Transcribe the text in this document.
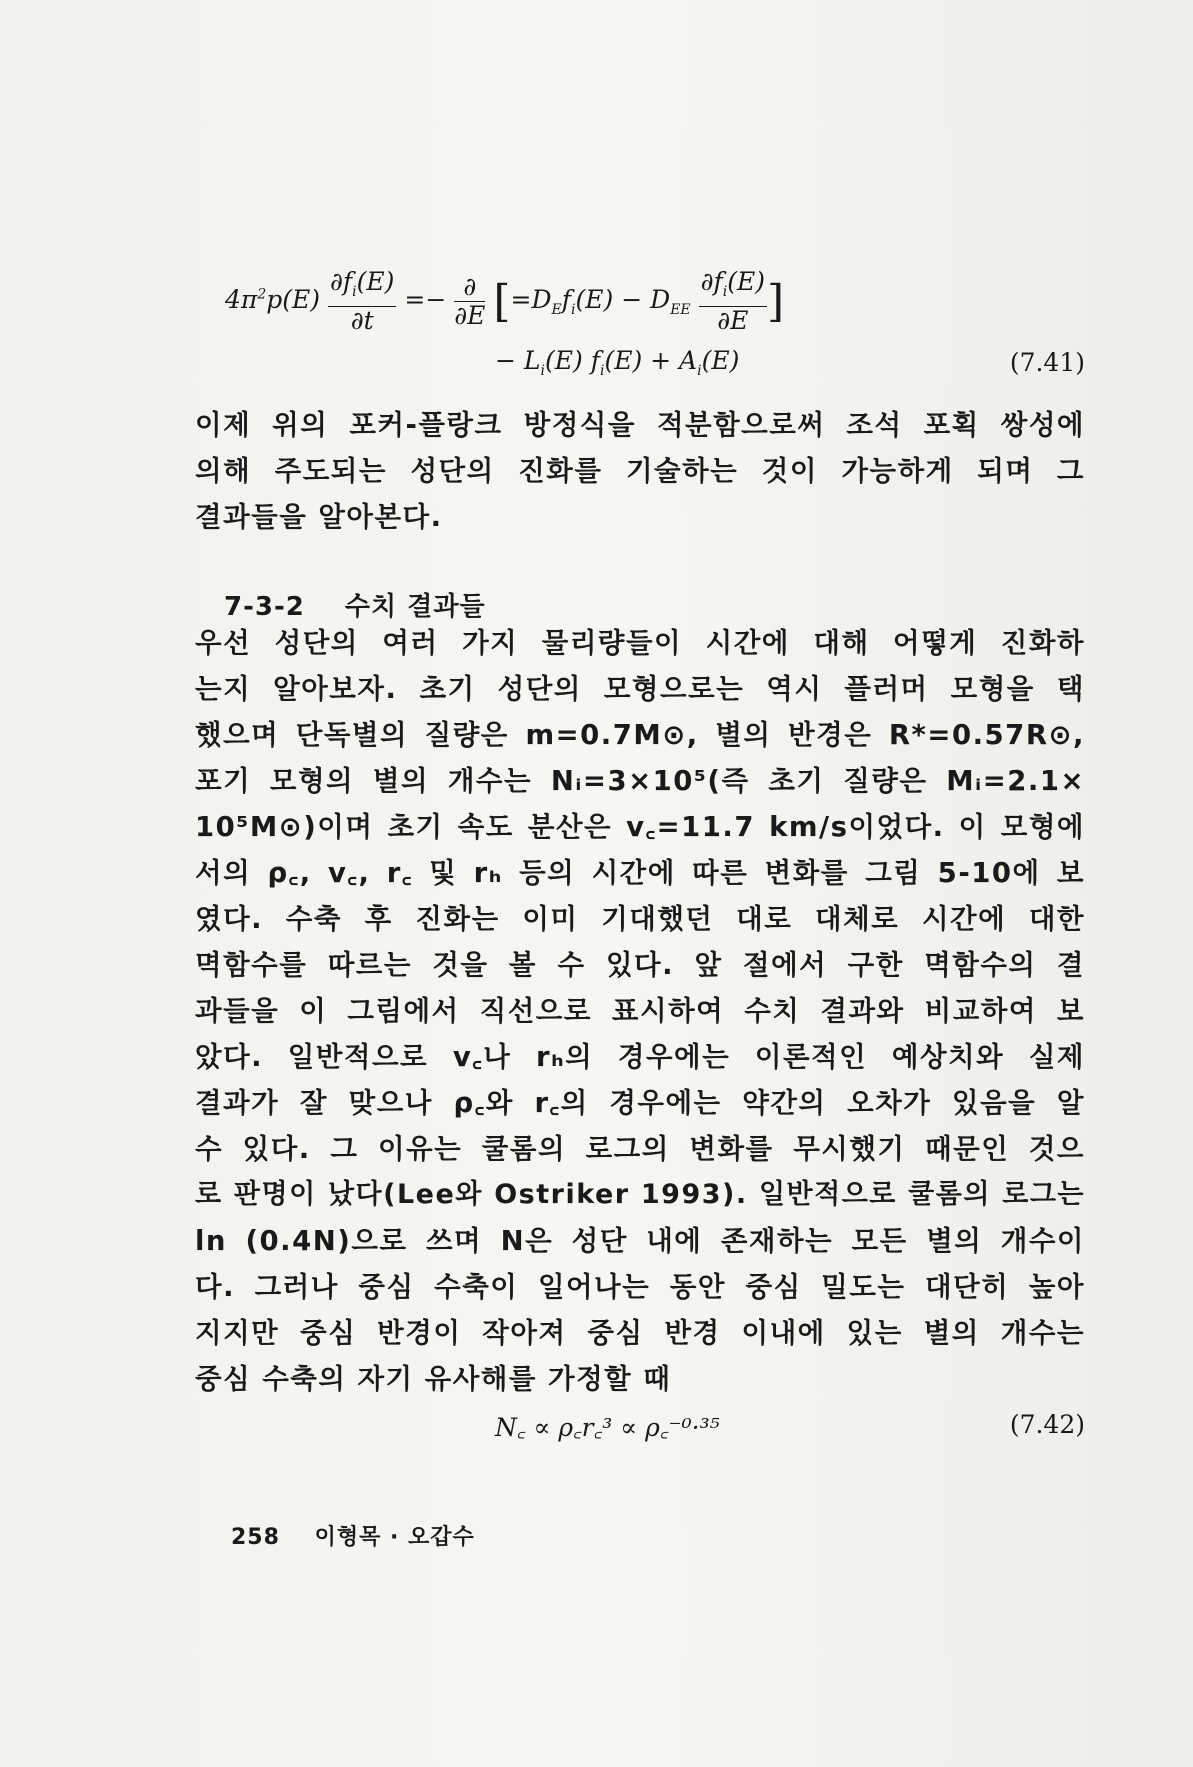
$4\pi^2p(E) \frac{\partial f_i(E)}{\partial t} =- \frac{\partial}{\partial E} [=D_Ef_i(E) - D_{EE} \frac{\partial f_i(E)}{\partial E}$ ]
− $L_i(E) f_i(E) + A_i(E)$	(7.41)
이제 위의 포커-플랑크 방정식을 적분함으로써 조석 포획 쌍성에
의해 주도되는 성단의 진화를 기술하는 것이 가능하게 되며 그
결과들을 알아본다.
7-3-2 수치 결과들
우선 성단의 여러 가지 물리량들이 시간에 대해 어떻게 진화하
는지 알아보자. 초기 성단의 모형으로는 역시 플러머 모형을 택
했으며 단독별의 질량은 m=0.7M⊙, 별의 반경은 R*=0.57R⊙,
포기 모형의 별의 개수는 Nᵢ=3×10⁵(즉 초기 질량은 Mᵢ=2.1×
10⁵M⊙)이며 초기 속도 분산은 v꜀=11.7 km/s이었다. 이 모형에
서의 ρ꜀, v꜀, r꜀ 및 rₕ 등의 시간에 따른 변화를 그림 5-10에 보
였다. 수축 후 진화는 이미 기대했던 대로 대체로 시간에 대한
멱함수를 따르는 것을 볼 수 있다. 앞 절에서 구한 멱함수의 결
과들을 이 그림에서 직선으로 표시하여 수치 결과와 비교하여 보
았다. 일반적으로 v꜀나 rₕ의 경우에는 이론적인 예상치와 실제
결과가 잘 맞으나 ρ꜀와 r꜀의 경우에는 약간의 오차가 있음을 알
수 있다. 그 이유는 쿨롬의 로그의 변화를 무시했기 때문인 것으
로 판명이 났다(Lee와 Ostriker 1993). 일반적으로 쿨롬의 로그는
ln (0.4N)으로 쓰며 N은 성단 내에 존재하는 모든 별의 개수이
다. 그러나 중심 수축이 일어나는 동안 중심 밀도는 대단히 높아
지지만 중심 반경이 작아져 중심 반경 이내에 있는 별의 개수는
중심 수축의 자기 유사해를 가정할 때
N꜀ ∝ ρ꜀r꜀³ ∝ ρ꜀⁻⁰·³⁵	(7.42)
258 이형목 · 오갑수
